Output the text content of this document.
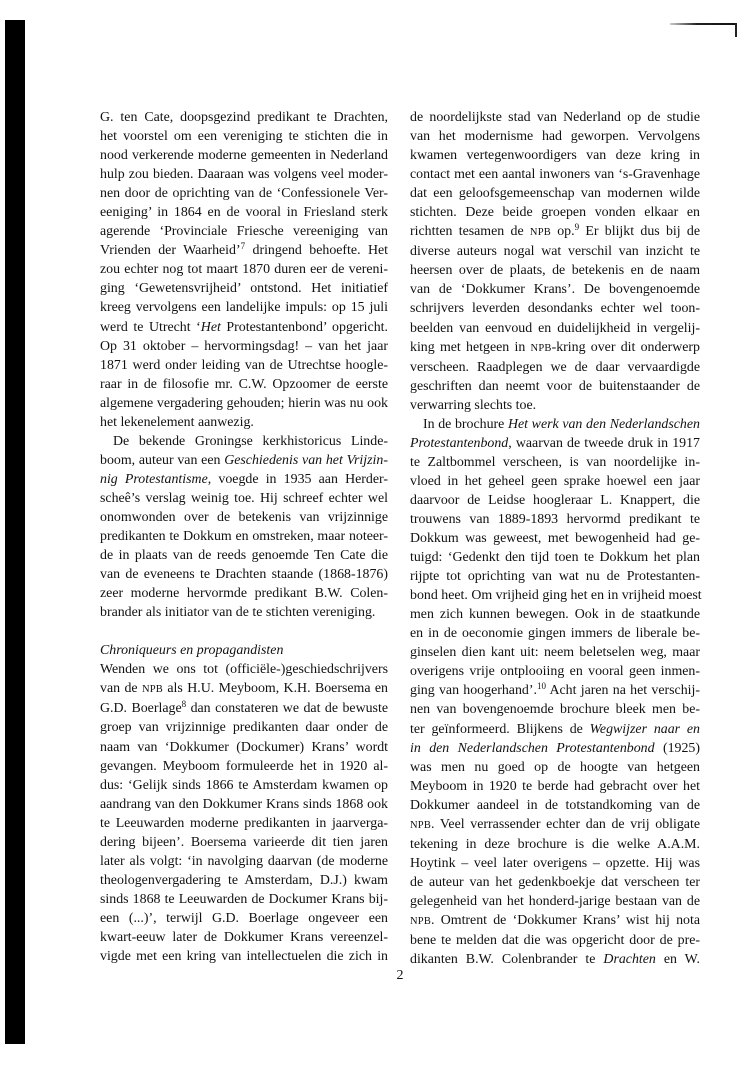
G. ten Cate, doopsgezind predikant te Drachten,
het voorstel om een vereniging te stichten die in
nood verkerende moderne gemeenten in Nederland
hulp zou bieden. Daaraan was volgens veel moder-
nen door de oprichting van de ‘Confessionele Ver-
eeniging’ in 1864 en de vooral in Friesland sterk
agerende ‘Provinciale Friesche vereeniging van
Vrienden der Waarheid’$^7$ dringend behoefte. Het
zou echter nog tot maart 1870 duren eer de vereni-
ging ‘Gewetensvrijheid’ ontstond. Het initiatief
kreeg vervolgens een landelijke impuls: op 15 juli
werd te Utrecht ‘Het Protestantenbond’ opgericht.
Op 31 oktober – hervormingsdag! – van het jaar
1871 werd onder leiding van de Utrechtse hoogle-
raar in de filosofie mr. C.W. Opzoomer de eerste
algemene vergadering gehouden; hierin was nu ook
het lekenelement aanwezig.

De bekende Groningse kerkhistoricus Linde-
boom, auteur van een Geschiedenis van het Vrijzin-
nig Protestantisme, voegde in 1935 aan Herder-
scheê’s verslag weinig toe. Hij schreef echter wel
onomwonden over de betekenis van vrijzinnige
predikanten te Dokkum en omstreken, maar noteer-
de in plaats van de reeds genoemde Ten Cate die
van de eveneens te Drachten staande (1868-1876)
zeer moderne hervormde predikant B.W. Colen-
brander als initiator van de te stichten vereniging.

Chroniqueurs en propagandisten

Wenden we ons tot (officiële-)geschiedschrijvers
van de NPB als H.U. Meyboom, K.H. Boersema en
G.D. Boerlage$^8$ dan constateren we dat de bewuste
groep van vrijzinnige predikanten daar onder de
naam van ‘Dokkumer (Dockumer) Krans’ wordt
gevangen. Meyboom formuleerde het in 1920 al-
dus: ‘Gelijk sinds 1866 te Amsterdam kwamen op
aandrang van den Dokkumer Krans sinds 1868 ook
te Leeuwarden moderne predikanten in jaarverga-
dering bijeen’. Boersema varieerde dit tien jaren
later als volgt: ‘in navolging daarvan (de moderne
theologenvergadering te Amsterdam, D.J.) kwam
sinds 1868 te Leeuwarden de Dockumer Krans bij-
een (...)’, terwijl G.D. Boerlage ongeveer een
kwart-eeuw later de Dokkumer Krans vereenzel-
vigde met een kring van intellectuelen die zich in

de noordelijkste stad van Nederland op de studie
van het modernisme had geworpen. Vervolgens
kwamen vertegenwoordigers van deze kring in
contact met een aantal inwoners van ‘s-Gravenhage
dat een geloofsgemeenschap van modernen wilde
stichten. Deze beide groepen vonden elkaar en
richtten tesamen de NPB op.$^9$ Er blijkt dus bij de
diverse auteurs nogal wat verschil van inzicht te
heersen over de plaats, de betekenis en de naam
van de ‘Dokkumer Krans’. De bovengenoemde
schrijvers leverden desondanks echter wel toon-
beelden van eenvoud en duidelijkheid in vergelij-
king met hetgeen in NPB-kring over dit onderwerp
verscheen. Raadplegen we de daar vervaardigde
geschriften dan neemt voor de buitenstaander de
verwarring slechts toe.

In de brochure Het werk van den Nederlandschen
Protestantenbond, waarvan de tweede druk in 1917
te Zaltbommel verscheen, is van noordelijke in-
vloed in het geheel geen sprake hoewel een jaar
daarvoor de Leidse hoogleraar L. Knappert, die
trouwens van 1889-1893 hervormd predikant te
Dokkum was geweest, met bewogenheid had ge-
tuigd: ‘Gedenkt den tijd toen te Dokkum het plan
rijpte tot oprichting van wat nu de Protestanten-
bond heet. Om vrijheid ging het en in vrijheid moest
men zich kunnen bewegen. Ook in de staatkunde
en in de oeconomie gingen immers de liberale be-
ginselen dien kant uit: neem beletselen weg, maar
overigens vrije ontplooiing en vooral geen inmen-
ging van hoogerhand’.$^{10}$ Acht jaren na het verschij-
nen van bovengenoemde brochure bleek men be-
ter geïnformeerd. Blijkens de Wegwijzer naar en
in den Nederlandschen Protestantenbond (1925)
was men nu goed op de hoogte van hetgeen
Meyboom in 1920 te berde had gebracht over het
Dokkumer aandeel in de totstandkoming van de
NPB. Veel verrassender echter dan de vrij obligate
tekening in deze brochure is die welke A.A.M.
Hoytink – veel later overigens – opzette. Hij was
de auteur van het gedenkboekje dat verscheen ter
gelegenheid van het honderd-jarige bestaan van de
NPB. Omtrent de ‘Dokkumer Krans’ wist hij nota
bene te melden dat die was opgericht door de pre-
dikanten B.W. Colenbrander te Drachten en W.

2
